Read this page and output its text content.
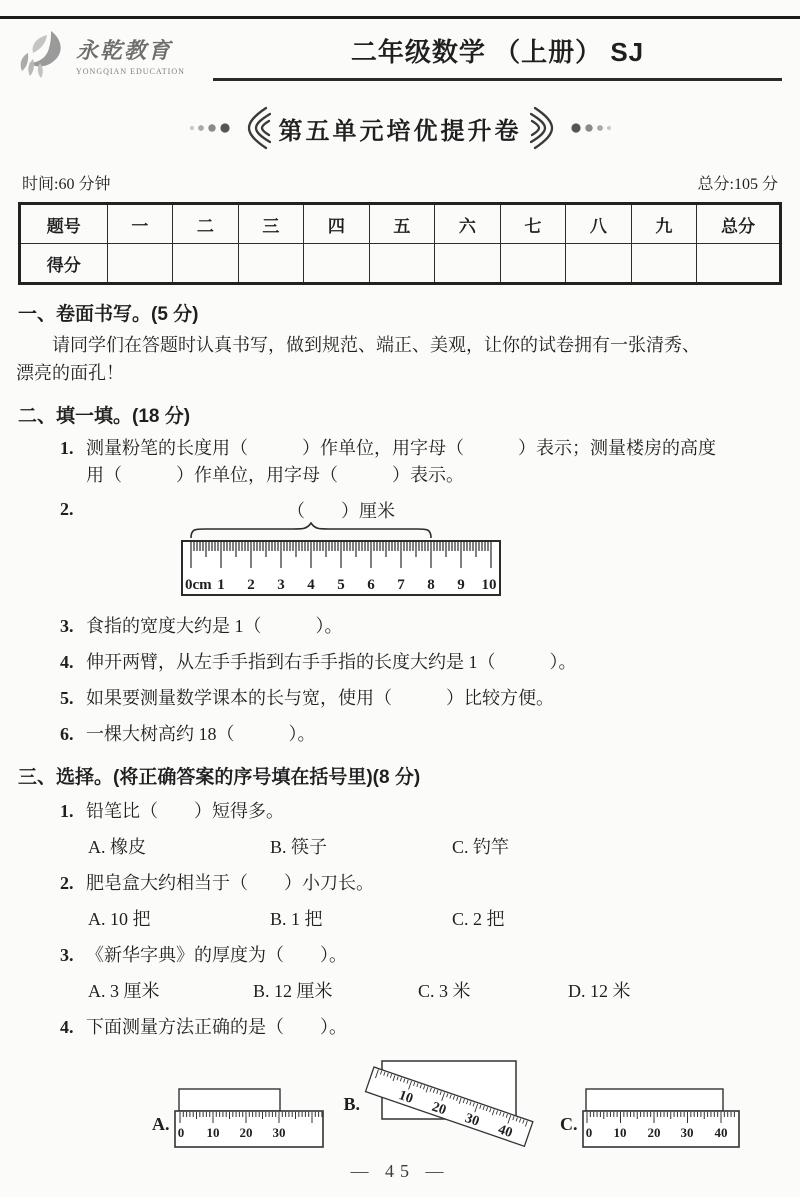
永乾教育
YONGQIAN EDUCATION
二年级数学 （上册） SJ
第五单元培优提升卷
时间:60 分钟	总分:105 分
题号	一	二	三	四	五	六	七	八	九	总分
得分										
一、卷面书写。(5 分)
请同学们在答题时认真书写，做到规范、端正、美观，让你的试卷拥有一张清秀、
漂亮的面孔！
二、填一填。(18 分)
1. 测量粉笔的长度用（　　　）作单位，用字母（　　　）表示；测量楼房的高度
用（　　　）作单位，用字母（　　　）表示。
2.	（　　）厘米
0cm 1 2 3 4 5 6 7 8 9 10
3. 食指的宽度大约是 1（　　　）。
4. 伸开两臂，从左手手指到右手手指的长度大约是 1（　　　）。
5. 如果要测量数学课本的长与宽，使用（　　　）比较方便。
6. 一棵大树高约 18（　　　）。
三、选择。(将正确答案的序号填在括号里)(8 分)
1. 铅笔比（　　）短得多。
A. 橡皮	B. 筷子	C. 钓竿
2. 肥皂盒大约相当于（　　）小刀长。
A. 10 把	B. 1 把	C. 2 把
3. 《新华字典》的厚度为（　　）。
A. 3 厘米	B. 12 厘米	C. 3 米	D. 12 米
4. 下面测量方法正确的是（　　）。
A. 0 10 20 30
B.	10
20
30
40	C. 0 10 20 30 40
— 45 —
